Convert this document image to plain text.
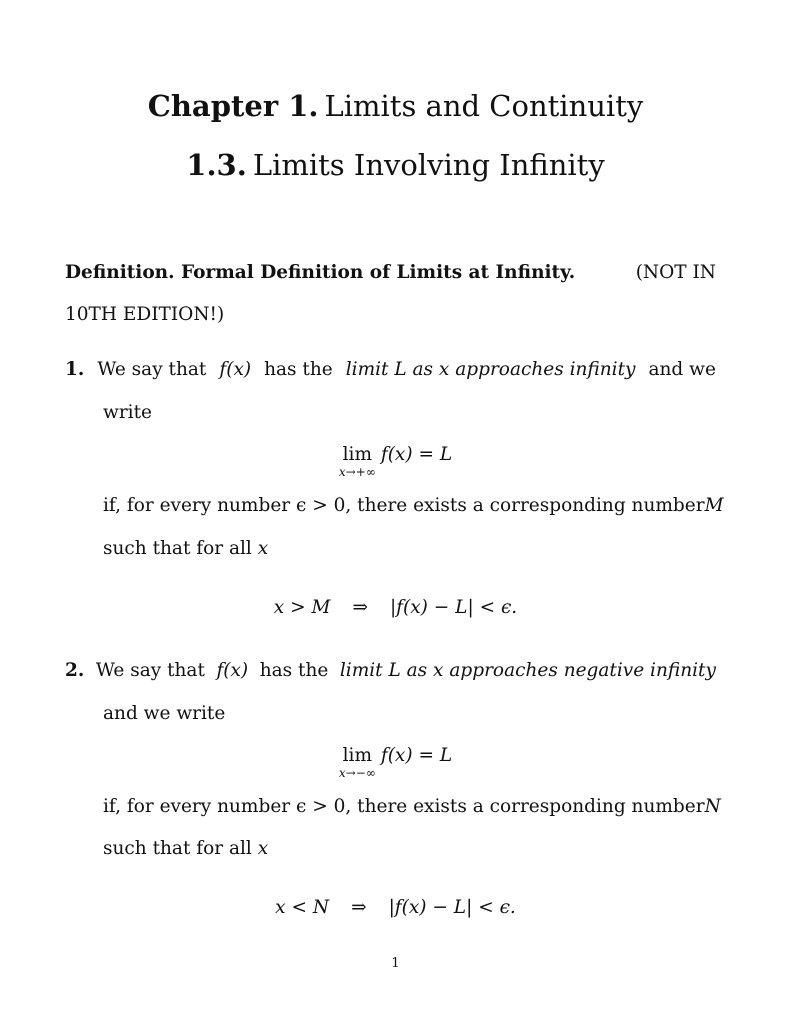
Chapter 1. Limits and Continuity
1.3. Limits Involving Infinity
Definition. Formal Definition of Limits at Infinity.	(NOT IN
10TH EDITION!)
1. We say that f(x) has the limit L as x approaches infinity and we
write
lim
x→+∞
f(x) = L
if, for every number ϵ > 0, there exists a corresponding number M
such that for all x
x > M ⇒ |f(x) − L| < ϵ.
2. We say that f(x) has the limit L as x approaches negative infinity
and we write
lim
x→−∞
f(x) = L
if, for every number ϵ > 0, there exists a corresponding number N
such that for all x
x < N ⇒ |f(x) − L| < ϵ.
1
